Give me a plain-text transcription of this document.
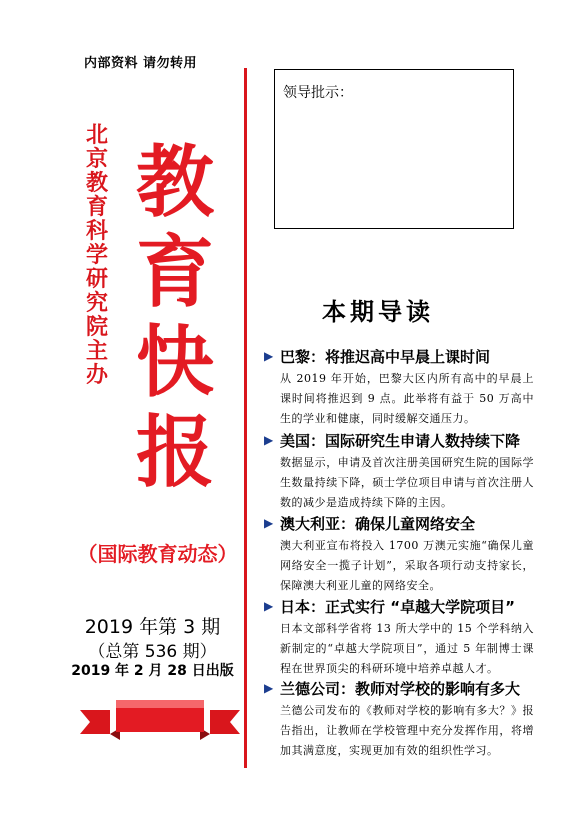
内部资料 请勿转用
北京教育科学研究院 主办
教育快报
（国际教育动态）
2019 年第 3 期
（总第 536 期）
2019 年 2 月 28 日出版
领导批示：
本期导读
▶ 巴黎：将推迟高中早晨上课时间
从 2019 年开始，巴黎大区内所有高中的早晨上课时间将推迟到 9 点。此举将有益于 50 万高中生的学业和健康，同时缓解交通压力。
▶ 美国：国际研究生申请人数持续下降
数据显示，申请及首次注册美国研究生院的国际学生数量持续下降，硕士学位项目申请与首次注册人数的减少是造成持续下降的主因。
▶ 澳大利亚：确保儿童网络安全
澳大利亚宣布将投入 1700 万澳元实施“确保儿童网络安全一揽子计划”，采取各项行动支持家长，保障澳大利亚儿童的网络安全。
▶ 日本：正式实行 “卓越大学院项目”
日本文部科学省将 13 所大学中的 15 个学科纳入新制定的“卓越大学院项目”，通过 5 年制博士课程在世界顶尖的科研环境中培养卓越人才。
▶ 兰德公司：教师对学校的影响有多大
兰德公司发布的《教师对学校的影响有多大？》报告指出，让教师在学校管理中充分发挥作用，将增加其满意度，实现更加有效的组织性学习。
